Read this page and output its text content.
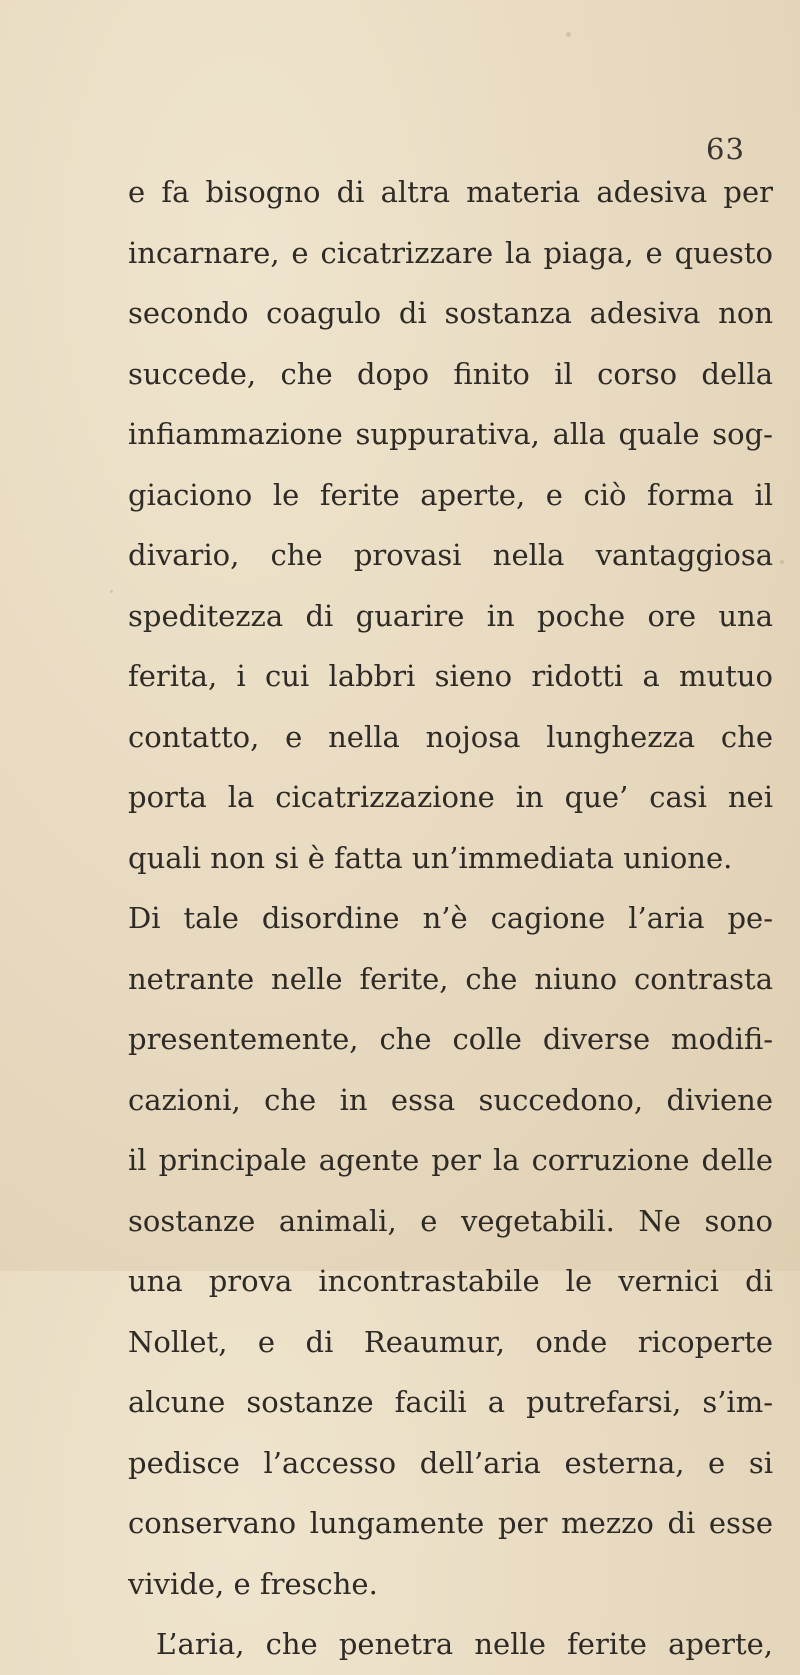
63
e fa bisogno di altra materia adesiva per
incarnare, e cicatrizzare la piaga, e questo
secondo coagulo di sostanza adesiva non
succede, che dopo finito il corso della
infiammazione suppurativa, alla quale sog-
giaciono le ferite aperte, e ciò forma il
divario, che provasi nella vantaggiosa
speditezza di guarire in poche ore una
ferita, i cui labbri sieno ridotti a mutuo
contatto, e nella nojosa lunghezza che
porta la cicatrizzazione in que’ casi nei
quali non si è fatta un’immediata unione.
Di tale disordine n’è cagione l’aria pe-
netrante nelle ferite, che niuno contrasta
presentemente, che colle diverse modifi-
cazioni, che in essa succedono, diviene
il principale agente per la corruzione delle
sostanze animali, e vegetabili. Ne sono
una prova incontrastabile le vernici di
Nollet, e di Reaumur, onde ricoperte
alcune sostanze facili a putrefarsi, s’im-
pedisce l’accesso dell’aria esterna, e si
conservano lungamente per mezzo di esse
vivide, e fresche.
L’aria, che penetra nelle ferite aperte,
